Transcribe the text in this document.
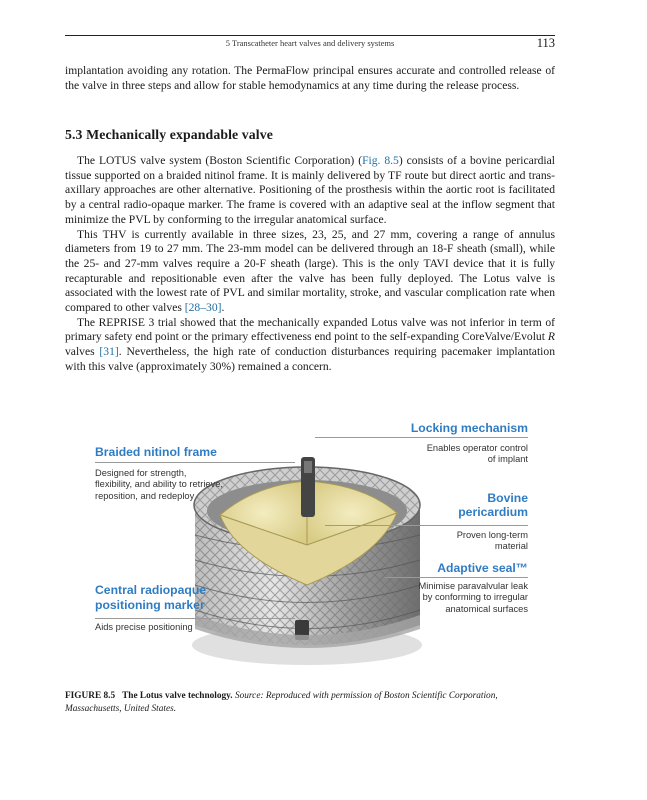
5 Transcatheter heart valves and delivery systems	113

implantation avoiding any rotation. The PermaFlow principal ensures accurate and controlled release of the valve in three steps and allow for stable hemodynamics at any time during the release process.

5.3 Mechanically expandable valve

The LOTUS valve system (Boston Scientific Corporation) (Fig. 8.5) consists of a bovine pericardial tissue supported on a braided nitinol frame. It is mainly delivered by TF route but direct aortic and trans-axillary approaches are other alternative. Positioning of the prosthesis within the aortic root is facilitated by a central radio-opaque marker. The frame is covered with an adaptive seal at the inflow segment that minimize the PVL by conforming to the irregular anatomical surface.

This THV is currently available in three sizes, 23, 25, and 27 mm, covering a range of annulus diameters from 19 to 27 mm. The 23-mm model can be delivered through an 18-F sheath (small), while the 25- and 27-mm valves require a 20-F sheath (large). This is the only TAVI device that it is fully recapturable and repositionable even after the valve has been fully deployed. The Lotus valve is associated with the lowest rate of PVL and similar mortality, stroke, and vascular complication rate when compared to other valves [28–30].

The REPRISE 3 trial showed that the mechanically expanded Lotus valve was not inferior in term of primary safety end point or the primary effectiveness end point to the self-expanding CoreValve/Evolut R valves [31]. Nevertheless, the high rate of conduction disturbances requiring pacemaker implantation with this valve (approximately 30%) remained a concern.

Locking mechanism
Enables operator control of implant
Braided nitinol frame
Designed for strength, flexibility, and ability to retrieve, reposition, and redeploy	Bovine pericardium
Proven long-term material
Adaptive seal™
Minimise paravalvular leak by conforming to irregular anatomical surfaces
Central radiopaque positioning marker
Aids precise positioning
FIGURE 8.5 The Lotus valve technology. Source: Reproduced with permission of Boston Scientific Corporation, Massachusetts, United States.
